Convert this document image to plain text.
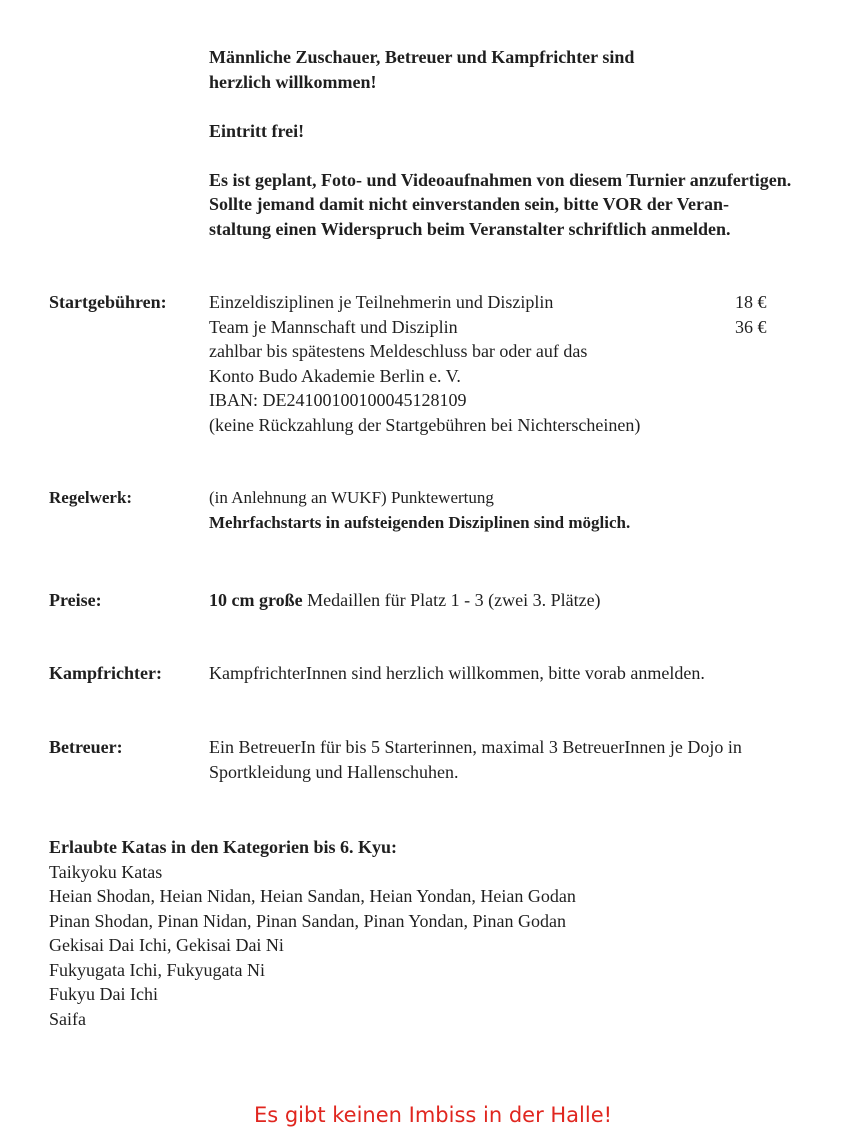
Männliche Zuschauer, Betreuer und Kampfrichter sind
herzlich willkommen!

Eintritt frei!

Es ist geplant, Foto- und Videoaufnahmen von diesem Turnier anzufertigen.
Sollte jemand damit nicht einverstanden sein, bitte VOR der Veran-
staltung einen Widerspruch beim Veranstalter schriftlich anmelden.

Startgebühren: Einzeldisziplinen je Teilnehmerin und Disziplin	18 €
Team je Mannschaft und Disziplin	36 €
zahlbar bis spätestens Meldeschluss bar oder auf das
Konto Budo Akademie Berlin e. V.
IBAN: DE24100100100045128109
(keine Rückzahlung der Startgebühren bei Nichterscheinen)
Regelwerk:	(in Anlehnung an WUKF) Punktewertung
Mehrfachstarts in aufsteigenden Disziplinen sind möglich.
Preise:	10 cm große Medaillen für Platz 1 - 3 (zwei 3. Plätze)
Kampfrichter:	KampfrichterInnen sind herzlich willkommen, bitte vorab anmelden.
Betreuer:	Ein BetreuerIn für bis 5 Starterinnen, maximal 3 BetreuerInnen je Dojo in
Sportkleidung und Hallenschuhen.
Erlaubte Katas in den Kategorien bis 6. Kyu:
Taikyoku Katas
Heian Shodan, Heian Nidan, Heian Sandan, Heian Yondan, Heian Godan
Pinan Shodan, Pinan Nidan, Pinan Sandan, Pinan Yondan, Pinan Godan
Gekisai Dai Ichi, Gekisai Dai Ni
Fukyugata Ichi, Fukyugata Ni
Fukyu Dai Ichi
Saifa
Es gibt keinen Imbiss in der Halle!
